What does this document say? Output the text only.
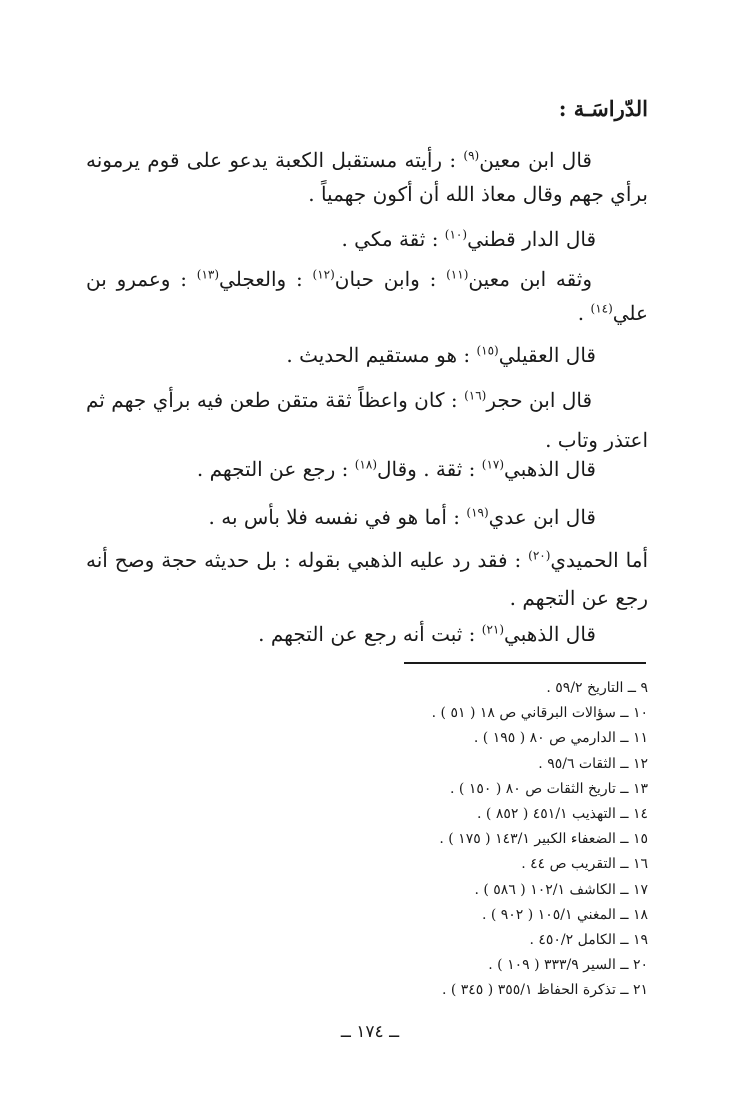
الدّراسَـة :
قال ابن معين$^{(٩)}$ : رأيته مستقبل الكعبة يدعو على قوم يرمونه برأي جهم وقال معاذ الله أن أكون جهمياً .
قال الدار قطني$^{(١٠)}$ : ثقة مكي .
وثقه ابن معين$^{(١١)}$ : وابن حبان$^{(١٢)}$ : والعجلي$^{(١٣)}$ : وعمرو بن علي$^{(١٤)}$ .
قال العقيلي$^{(١٥)}$ : هو مستقيم الحديث .
قال ابن حجر$^{(١٦)}$ : كان واعظاً ثقة متقن طعن فيه برأي جهم ثم اعتذر وتاب .
قال الذهبي$^{(١٧)}$ : ثقة . وقال$^{(١٨)}$ : رجع عن التجهم .
قال ابن عدي$^{(١٩)}$ : أما هو في نفسه فلا بأس به .
أما الحميدي$^{(٢٠)}$ : فقد رد عليه الذهبي بقوله : بل حديثه حجة وصح أنه رجع عن التجهم .
قال الذهبي$^{(٢١)}$ : ثبت أنه رجع عن التجهم .
٩ ــ التاريخ ٥٩/٢ .
١٠ ــ سؤالات البرقاني ص ١٨ ( ٥١ ) .
١١ ــ الدارمي ص ٨٠ ( ١٩٥ ) .
١٢ ــ الثقات ٩٥/٦ .
١٣ ــ تاريخ الثقات ص ٨٠ ( ١٥٠ ) .
١٤ ــ التهذيب ٤٥١/١ ( ٨٥٢ ) .
١٥ ــ الضعفاء الكبير ١٤٣/١ ( ١٧٥ ) .
١٦ ــ التقريب ص ٤٤ .
١٧ ــ الكاشف ١٠٢/١ ( ٥٨٦ ) .
١٨ ــ المغني ١٠٥/١ ( ٩٠٢ ) .
١٩ ــ الكامل ٤٥٠/٢ .
٢٠ ــ السير ٣٣٣/٩ ( ١٠٩ ) .
٢١ ــ تذكرة الحفاظ ٣٥٥/١ ( ٣٤٥ ) .
ــ ١٧٤ ــ
